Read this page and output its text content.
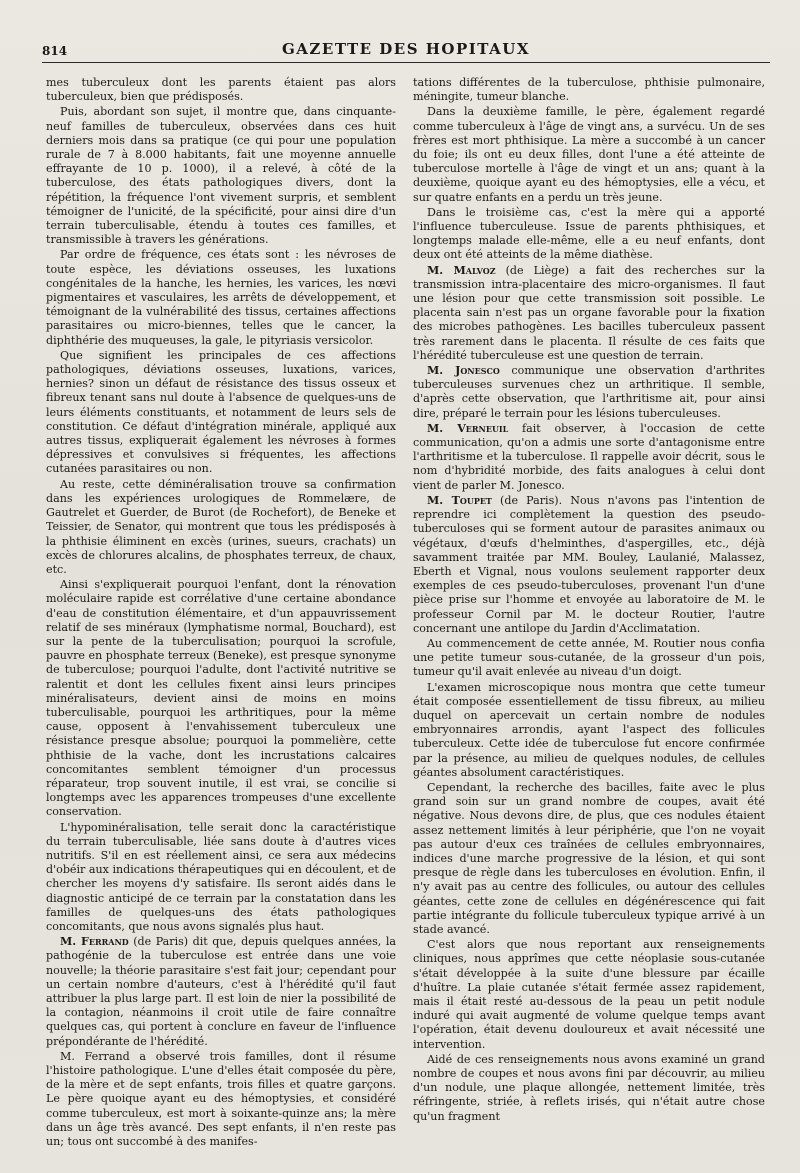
814	GAZETTE DES HOPITAUX

mes tuberculeux dont les parents étaient pas alors tuberculeux, bien que prédisposés.

Puis, abordant son sujet, il montre que, dans cinquante-neuf familles de tuberculeux, observées dans ces huit derniers mois dans sa pratique (ce qui pour une population rurale de 7 à 8.000 habitants, fait une moyenne annuelle effrayante de 10 p. 1000), il a relevé, à côté de la tuberculose, des états pathologiques divers, dont la répétition, la fréquence l'ont vivement surpris, et semblent témoigner de l'unicité, de la spécificité, pour ainsi dire d'un terrain tuberculisable, étendu à toutes ces familles, et transmissible à travers les générations.

Par ordre de fréquence, ces états sont : les névroses de toute espèce, les déviations osseuses, les luxations congénitales de la hanche, les hernies, les varices, les nœvi pigmentaires et vasculaires, les arrêts de développement, et témoignant de la vulnérabilité des tissus, certaines affections parasitaires ou micro-biennes, telles que le cancer, la diphthérie des muqueuses, la gale, le pityriasis versicolor.

Que signifient les principales de ces affections pathologiques, déviations osseuses, luxations, varices, hernies? sinon un défaut de résistance des tissus osseux et fibreux tenant sans nul doute à l'absence de quelques-uns de leurs éléments constituants, et notamment de leurs sels de constitution. Ce défaut d'intégration minérale, appliqué aux autres tissus, expliquerait également les névroses à formes dépressives et convulsives si fréquentes, les affections cutanées parasitaires ou non.

Au reste, cette déminéralisation trouve sa confirmation dans les expériences urologiques de Rommelære, de Gautrelet et Guerder, de Burot (de Rochefort), de Beneke et Teissier, de Senator, qui montrent que tous les prédisposés à la phthisie éliminent en excès (urines, sueurs, crachats) un excès de chlorures alcalins, de phosphates terreux, de chaux, etc.

Ainsi s'expliquerait pourquoi l'enfant, dont la rénovation moléculaire rapide est corrélative d'une certaine abondance d'eau de constitution élémentaire, et d'un appauvrissement relatif de ses minéraux (lymphatisme normal, Bouchard), est sur la pente de la tuberculisation; pourquoi la scrofule, pauvre en phosphate terreux (Beneke), est presque synonyme de tuberculose; pourquoi l'adulte, dont l'activité nutritive se ralentit et dont les cellules fixent ainsi leurs principes minéralisateurs, devient ainsi de moins en moins tuberculisable, pourquoi les arthritiques, pour la même cause, opposent à l'envahissement tuberculeux une résistance presque absolue; pourquoi la pommelière, cette phthisie de la vache, dont les incrustations calcaires concomitantes semblent témoigner d'un processus réparateur, trop souvent inutile, il est vrai, se concilie si longtemps avec les apparences trompeuses d'une excellente conservation.

L'hypominéralisation, telle serait donc la caractéristique du terrain tuberculisable, liée sans doute à d'autres vices nutritifs. S'il en est réellement ainsi, ce sera aux médecins d'obéir aux indications thérapeutiques qui en découlent, et de chercher les moyens d'y satisfaire. Ils seront aidés dans le diagnostic anticipé de ce terrain par la constatation dans les familles de quelques-uns des états pathologiques concomitants, que nous avons signalés plus haut.

M. Ferrand (de Paris) dit que, depuis quelques années, la pathogénie de la tuberculose est entrée dans une voie nouvelle; la théorie parasitaire s'est fait jour; cependant pour un certain nombre d'auteurs, c'est à l'hérédité qu'il faut attribuer la plus large part. Il est loin de nier la possibilité de la contagion, néanmoins il croit utile de faire connaître quelques cas, qui portent à conclure en faveur de l'influence prépondérante de l'hérédité.

M. Ferrand a observé trois familles, dont il résume l'histoire pathologique. L'une d'elles était composée du père, de la mère et de sept enfants, trois filles et quatre garçons. Le père quoique ayant eu des hémoptysies, et considéré comme tuberculeux, est mort à soixante-quinze ans; la mère dans un âge très avancé. Des sept enfants, il n'en reste pas un; tous ont succombé à des manifes-

tations différentes de la tuberculose, phthisie pulmonaire, méningite, tumeur blanche.

Dans la deuxième famille, le père, également regardé comme tuberculeux à l'âge de vingt ans, a survécu. Un de ses frères est mort phthisique. La mère a succombé à un cancer du foie; ils ont eu deux filles, dont l'une a été atteinte de tuberculose mortelle à l'âge de vingt et un ans; quant à la deuxième, quoique ayant eu des hémoptysies, elle a vécu, et sur quatre enfants en a perdu un très jeune.

Dans le troisième cas, c'est la mère qui a apporté l'influence tuberculeuse. Issue de parents phthisiques, et longtemps malade elle-même, elle a eu neuf enfants, dont deux ont été atteints de la même diathèse.

M. Malvoz (de Liège) a fait des recherches sur la transmission intra-placentaire des micro-organismes. Il faut une lésion pour que cette transmission soit possible. Le placenta sain n'est pas un organe favorable pour la fixation des microbes pathogènes. Les bacilles tuberculeux passent très rarement dans le placenta. Il résulte de ces faits que l'hérédité tuberculeuse est une question de terrain.

M. Jonesco communique une observation d'arthrites tuberculeuses survenues chez un arthritique. Il semble, d'après cette observation, que l'arthritisme ait, pour ainsi dire, préparé le terrain pour les lésions tuberculeuses.

M. Verneuil fait observer, à l'occasion de cette communication, qu'on a admis une sorte d'antagonisme entre l'arthritisme et la tuberculose. Il rappelle avoir décrit, sous le nom d'hybridité morbide, des faits analogues à celui dont vient de parler M. Jonesco.

M. Toupet (de Paris). Nous n'avons pas l'intention de reprendre ici complètement la question des pseudo-tuberculoses qui se forment autour de parasites animaux ou végétaux, d'œufs d'helminthes, d'aspergilles, etc., déjà savamment traitée par MM. Bouley, Laulanié, Malassez, Eberth et Vignal, nous voulons seulement rapporter deux exemples de ces pseudo-tuberculoses, provenant l'un d'une pièce prise sur l'homme et envoyée au laboratoire de M. le professeur Cornil par M. le docteur Routier, l'autre concernant une antilope du Jardin d'Acclimatation.

Au commencement de cette année, M. Routier nous confia une petite tumeur sous-cutanée, de la grosseur d'un pois, tumeur qu'il avait enlevée au niveau d'un doigt.

L'examen microscopique nous montra que cette tumeur était composée essentiellement de tissu fibreux, au milieu duquel on apercevait un certain nombre de nodules embryonnaires arrondis, ayant l'aspect des follicules tuberculeux. Cette idée de tuberculose fut encore confirmée par la présence, au milieu de quelques nodules, de cellules géantes absolument caractéristiques.

Cependant, la recherche des bacilles, faite avec le plus grand soin sur un grand nombre de coupes, avait été négative. Nous devons dire, de plus, que ces nodules étaient assez nettement limités à leur périphérie, que l'on ne voyait pas autour d'eux ces traînées de cellules embryonnaires, indices d'une marche progressive de la lésion, et qui sont presque de règle dans les tuberculoses en évolution. Enfin, il n'y avait pas au centre des follicules, ou autour des cellules géantes, cette zone de cellules en dégénérescence qui fait partie intégrante du follicule tuberculeux typique arrivé à un stade avancé.

C'est alors que nous reportant aux renseignements cliniques, nous apprîmes que cette néoplasie sous-cutanée s'était développée à la suite d'une blessure par écaille d'huître. La plaie cutanée s'était fermée assez rapidement, mais il était resté au-dessous de la peau un petit nodule induré qui avait augmenté de volume quelque temps avant l'opération, était devenu douloureux et avait nécessité une intervention.

Aidé de ces renseignements nous avons examiné un grand nombre de coupes et nous avons fini par découvrir, au milieu d'un nodule, une plaque allongée, nettement limitée, très réfringente, striée, à reflets irisés, qui n'était autre chose qu'un fragment
